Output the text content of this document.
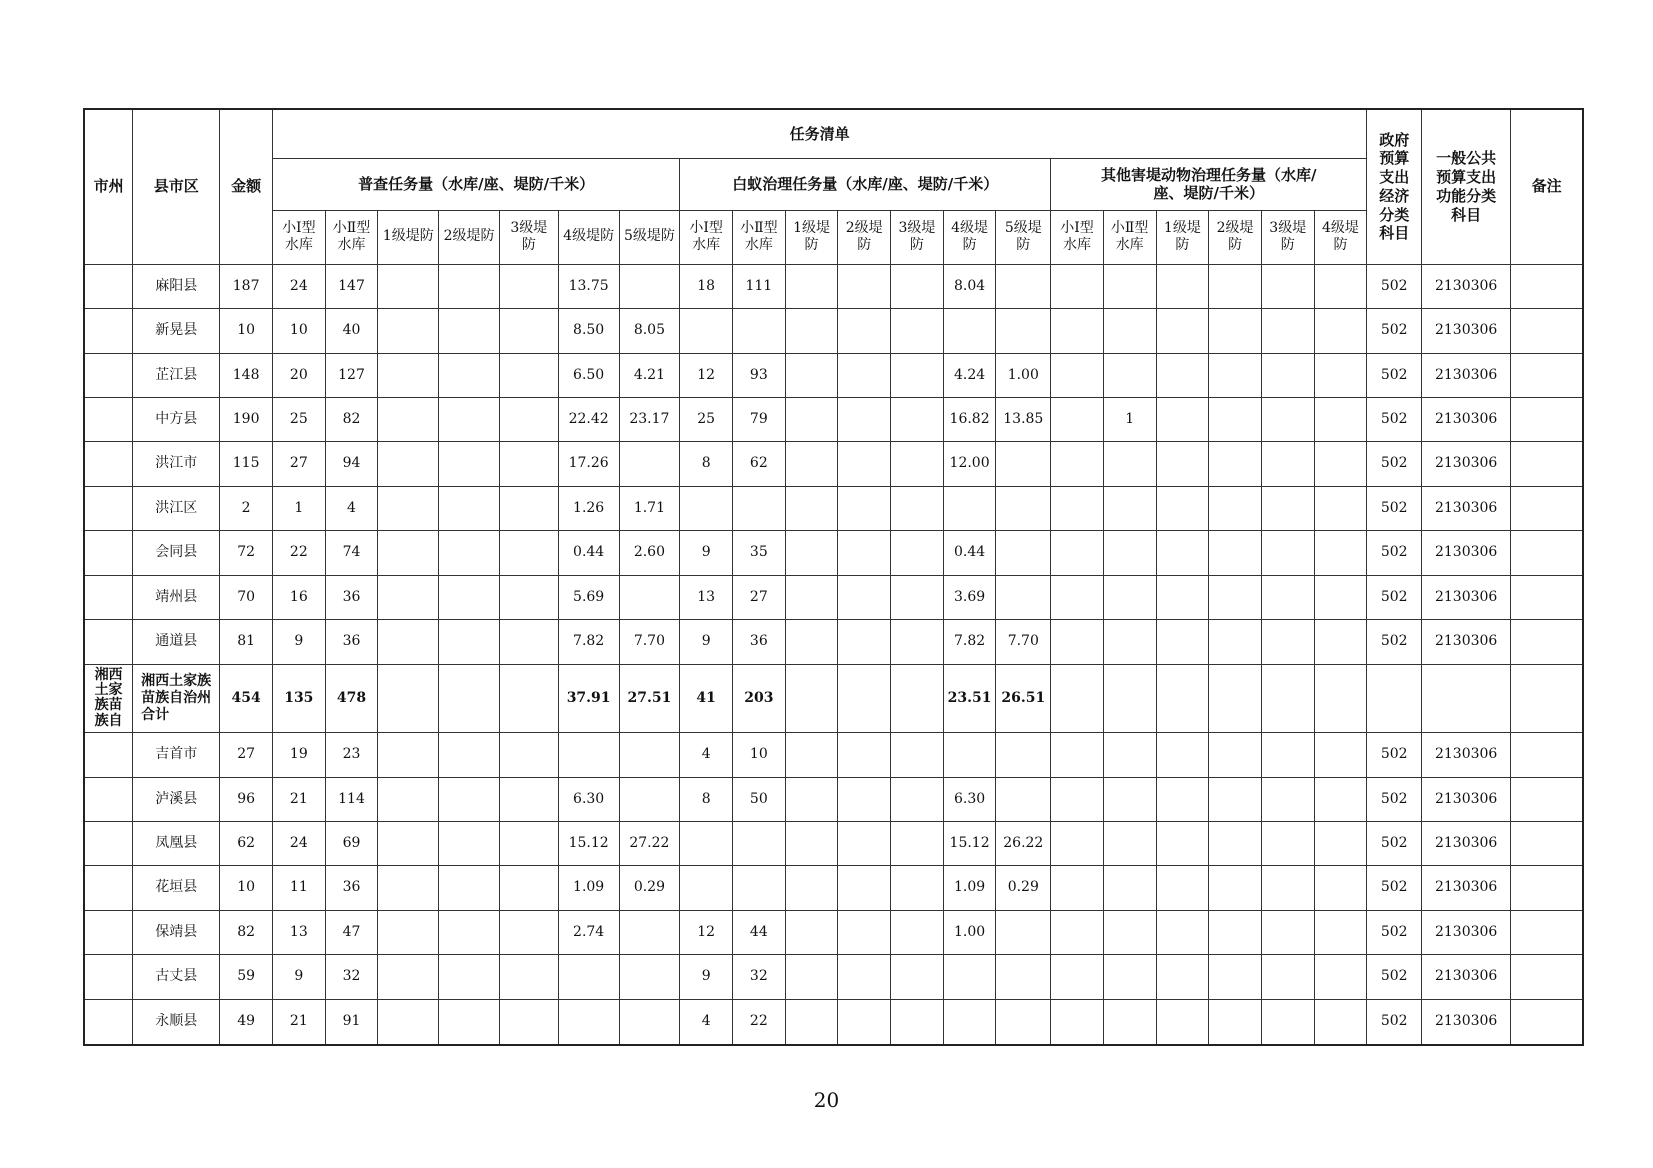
市州	县市区	金额	任务清单																				政府预算支出经济分类科目	一般公共预算支出功能分类科目	备注
			普查任务量（水库/座、堤防/千米）							白蚁治理任务量（水库/座、堤防/千米）							其他害堤动物治理任务量（水库/座、堤防/千米）								
			小Ⅰ型水库	小Ⅱ型水库	1级堤防	2级堤防	3级堤防	4级堤防	5级堤防	小Ⅰ型水库	小Ⅱ型水库	1级堤防	2级堤防	3级堤防	4级堤防	5级堤防	小Ⅰ型水库	小Ⅱ型水库	1级堤防	2级堤防	3级堤防	4级堤防			
	麻阳县	187	24	147				13.75		18	111				8.04								502	2130306	
	新晃县	10	10	40				8.50	8.05														502	2130306	
	芷江县	148	20	127				6.50	4.21	12	93				4.24	1.00							502	2130306	
	中方县	190	25	82				22.42	23.17	25	79				16.82	13.85		1					502	2130306	
	洪江市	115	27	94				17.26		8	62				12.00								502	2130306	
	洪江区	2	1	4				1.26	1.71														502	2130306	
	会同县	72	22	74				0.44	2.60	9	35				0.44								502	2130306	
	靖州县	70	16	36				5.69		13	27				3.69								502	2130306	
	通道县	81	9	36				7.82	7.70	9	36				7.82	7.70							502	2130306	
湘西土家族苗族自	湘西土家族苗族自治州合计	454	135	478				37.91	27.51	41	203				23.51	26.51									
	吉首市	27	19	23						4	10												502	2130306	
	泸溪县	96	21	114				6.30		8	50				6.30								502	2130306	
	凤凰县	62	24	69				15.12	27.22						15.12	26.22							502	2130306	
	花垣县	10	11	36				1.09	0.29						1.09	0.29							502	2130306	
	保靖县	82	13	47				2.74		12	44				1.00								502	2130306	
	古丈县	59	9	32						9	32												502	2130306	
	永顺县	49	21	91						4	22												502	2130306	
20
